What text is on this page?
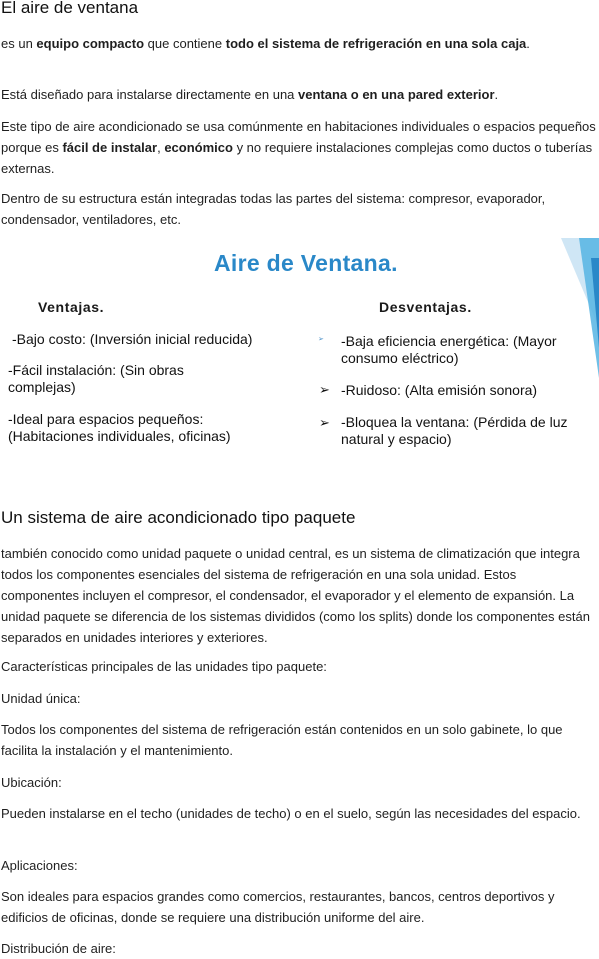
El aire de ventana

es un equipo compacto que contiene todo el sistema de refrigeración en una sola caja.

Está diseñado para instalarse directamente en una ventana o en una pared exterior.

Este tipo de aire acondicionado se usa comúnmente en habitaciones individuales o espacios pequeños porque es fácil de instalar, económico y no requiere instalaciones complejas como ductos o tuberías externas.

Dentro de su estructura están integradas todas las partes del sistema: compresor, evaporador, condensador, ventiladores, etc.

Aire de Ventana.
Ventajas.	Desventajas.
-Bajo costo: (Inversión inicial reducida)
-Fácil instalación: (Sin obras complejas)
-Ideal para espacios pequeños: (Habitaciones individuales, oficinas)
➢ -Baja eficiencia energética: (Mayor consumo eléctrico)
➢ -Ruidoso: (Alta emisión sonora)
➢ -Bloquea la ventana: (Pérdida de luz natural y espacio)
Un sistema de aire acondicionado tipo paquete

también conocido como unidad paquete o unidad central, es un sistema de climatización que integra todos los componentes esenciales del sistema de refrigeración en una sola unidad. Estos componentes incluyen el compresor, el condensador, el evaporador y el elemento de expansión. La unidad paquete se diferencia de los sistemas divididos (como los splits) donde los componentes están separados en unidades interiores y exteriores.

Características principales de las unidades tipo paquete:

Unidad única:

Todos los componentes del sistema de refrigeración están contenidos en un solo gabinete, lo que facilita la instalación y el mantenimiento.

Ubicación:

Pueden instalarse en el techo (unidades de techo) o en el suelo, según las necesidades del espacio.

Aplicaciones:

Son ideales para espacios grandes como comercios, restaurantes, bancos, centros deportivos y edificios de oficinas, donde se requiere una distribución uniforme del aire.

Distribución de aire:
